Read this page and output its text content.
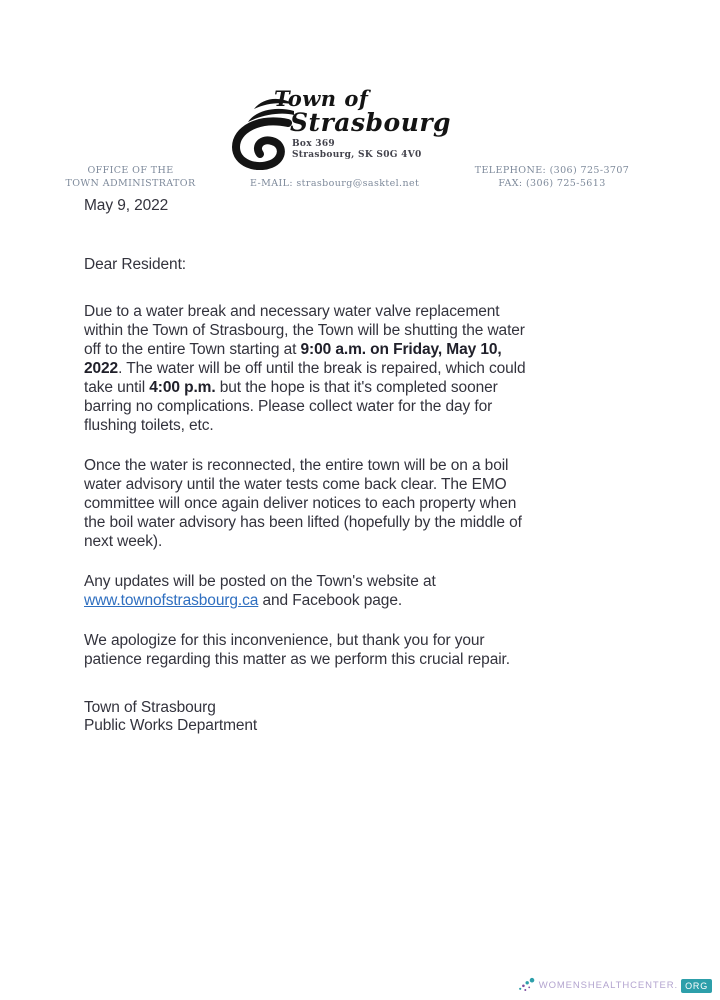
Town of
Strasbourg
Box 369
Strasbourg, SK S0G 4V0
OFFICE OF THE
TOWN ADMINISTRATOR	E-MAIL: strasbourg@sasktel.net
TELEPHONE: (306) 725-3707
FAX: (306) 725-5613
May 9, 2022
Dear Resident:
Due to a water break and necessary water valve replacement
within the Town of Strasbourg, the Town will be shutting the water
off to the entire Town starting at 9:00 a.m. on Friday, May 10,
2022. The water will be off until the break is repaired, which could
take until 4:00 p.m. but the hope is that it's completed sooner
barring no complications. Please collect water for the day for
flushing toilets, etc.
Once the water is reconnected, the entire town will be on a boil
water advisory until the water tests come back clear. The EMO
committee will once again deliver notices to each property when
the boil water advisory has been lifted (hopefully by the middle of
next week).
Any updates will be posted on the Town's website at
www.townofstrasbourg.ca and Facebook page.
We apologize for this inconvenience, but thank you for your
patience regarding this matter as we perform this crucial repair.
Town of Strasbourg
Public Works Department
WOMENSHEALTHCENTER. ORG
